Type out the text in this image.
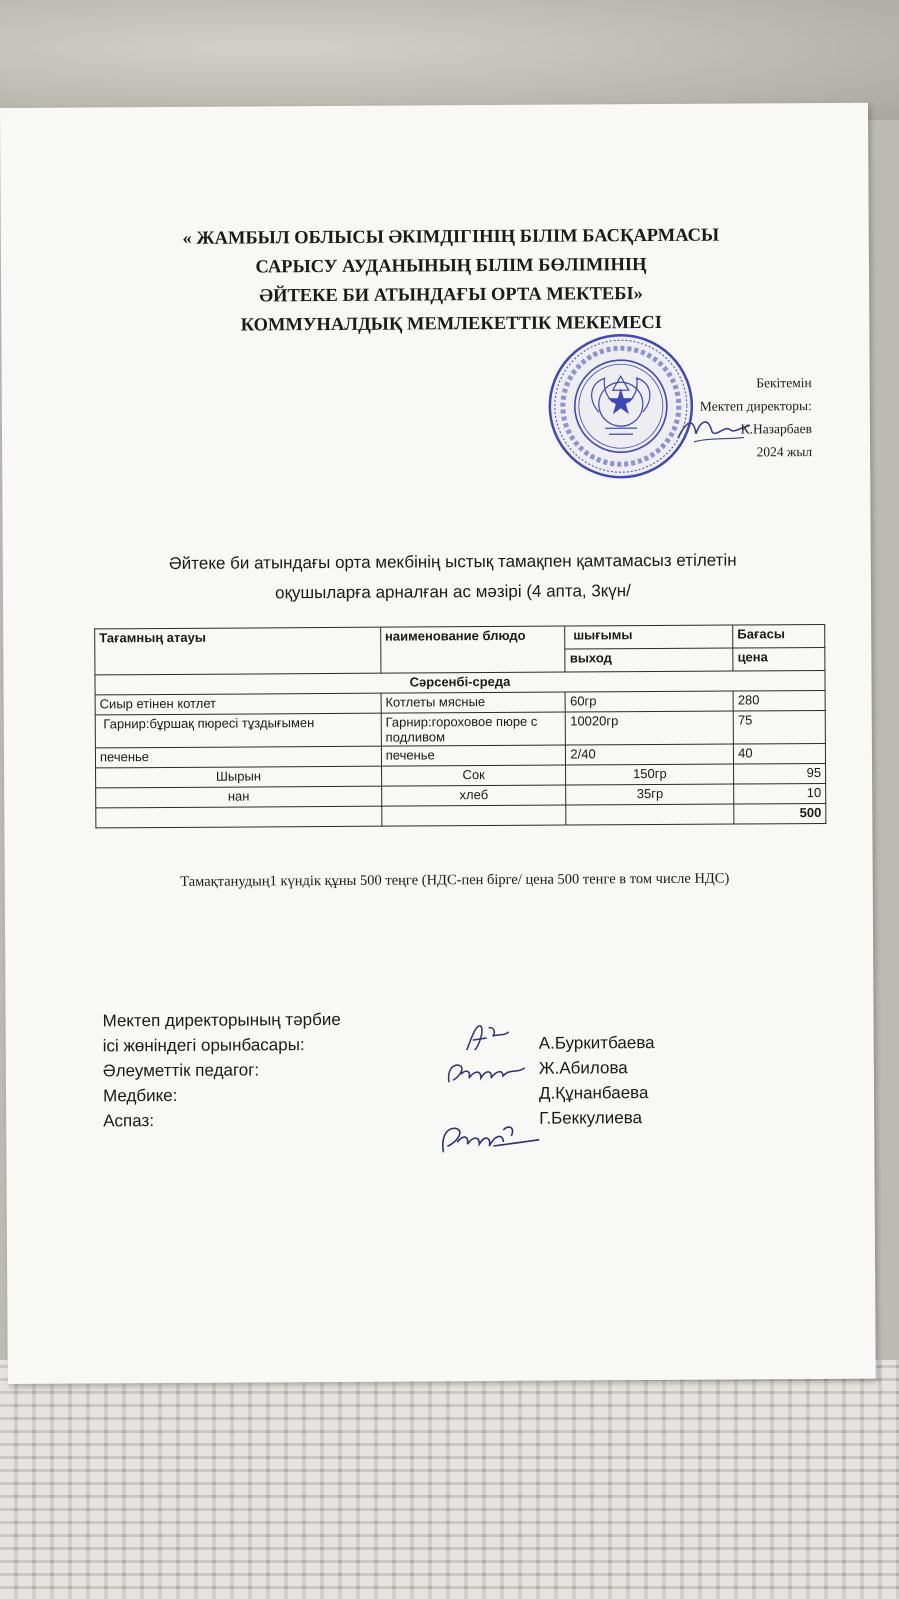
« ЖАМБЫЛ ОБЛЫСЫ ӘКІМДІГІНІҢ БІЛІМ БАСҚАРМАСЫ
САРЫСУ АУДАНЫНЫҢ БІЛІМ БӨЛІМІНІҢ
ӘЙТЕКЕ БИ АТЫНДАҒЫ ОРТА МЕКТЕБІ»
КОММУНАЛДЫҚ МЕМЛЕКЕТТІК МЕКЕМЕСІ
Бекітемін
Мектеп директоры:
К.Назарбаев
2024 жыл
Әйтеке би атындағы орта мекбінің ыстық тамақпен қамтамасыз етілетін
оқушыларға арналған ас мәзірі (4 апта, 3күн/
Тағамның атауы	наименование блюдо	шығымы	Бағасы
		выход	цена
Сәрсенбі-среда			
Сиыр етінен котлет	Котлеты мясные	60гр	280
Гарнир:бұршақ пюресі тұздығымен	Гарнир:гороховое пюре с подливом	10020гр	75
печенье	печенье	2/40	40
Шырын	Сок	150гр	95
нан	хлеб	35гр	10
			500
Тамақтанудың1 күндік құны 500 теңге (НДС-пен бірге/ цена 500 тенге в том числе НДС)
Мектеп директорының тәрбие
ісі жөніндегі орынбасары:	А.Буркитбаева
Әлеуметтік педагог:	Ж.Абилова
Медбике:	Д.Құнанбаева
Аспаз:	Г.Беккулиева
